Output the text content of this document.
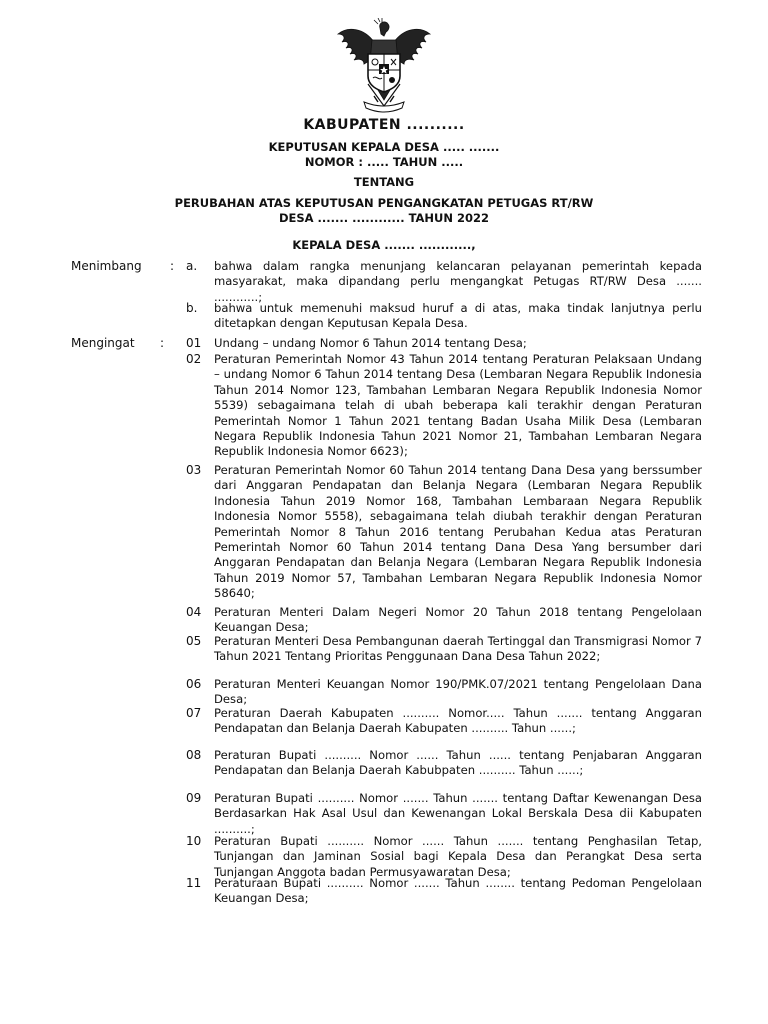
KABUPATEN ..........
KEPUTUSAN KEPALA DESA ..... .......
NOMOR : ..... TAHUN .....
TENTANG
PERUBAHAN ATAS KEPUTUSAN PENGANGKATAN PETUGAS RT/RW
DESA ....... ............ TAHUN 2022
KEPALA DESA ....... ............,
Menimbang : a.	bahwa dalam rangka menunjang kelancaran pelayanan pemerintah kepada masyarakat, maka dipandang perlu mengangkat Petugas RT/RW Desa ....... ............;
b.	bahwa untuk memenuhi maksud huruf a di atas, maka tindak lanjutnya perlu ditetapkan dengan Keputusan Kepala Desa.
Mengingat : 01	Undang – undang Nomor 6 Tahun 2014 tentang Desa;
02	Peraturan Pemerintah Nomor 43 Tahun 2014 tentang Peraturan Pelaksaan Undang – undang Nomor 6 Tahun 2014 tentang Desa (Lembaran Negara Republik Indonesia Tahun 2014 Nomor 123, Tambahan Lembaran Negara Republik Indonesia Nomor 5539) sebagaimana telah di ubah beberapa kali terakhir dengan Peraturan Pemerintah Nomor 1 Tahun 2021 tentang Badan Usaha Milik Desa (Lembaran Negara Republik Indonesia Tahun 2021 Nomor 21, Tambahan Lembaran Negara Republik Indonesia Nomor 6623);
03	Peraturan Pemerintah Nomor 60 Tahun 2014 tentang Dana Desa yang berssumber dari Anggaran Pendapatan dan Belanja Negara (Lembaran Negara Republik Indonesia Tahun 2019 Nomor 168, Tambahan Lembaraan Negara Republik Indonesia Nomor 5558), sebagaimana telah diubah terakhir dengan Peraturan Pemerintah Nomor 8 Tahun 2016 tentang Perubahan Kedua atas Peraturan Pemerintah Nomor 60 Tahun 2014 tentang Dana Desa Yang bersumber dari Anggaran Pendapatan dan Belanja Negara (Lembaran Negara Republik Indonesia Tahun 2019 Nomor 57, Tambahan Lembaran Negara Republik Indonesia Nomor 58640;
04	Peraturan Menteri Dalam Negeri Nomor 20 Tahun 2018 tentang Pengelolaan Keuangan Desa;
05	Peraturan Menteri Desa Pembangunan daerah Tertinggal dan Transmigrasi Nomor 7 Tahun 2021 Tentang Prioritas Penggunaan Dana Desa Tahun 2022;
06	Peraturan Menteri Keuangan Nomor 190/PMK.07/2021 tentang Pengelolaan Dana Desa;
07	Peraturan Daerah Kabupaten .......... Nomor..... Tahun ....... tentang Anggaran Pendapatan dan Belanja Daerah Kabupaten .......... Tahun ......;
08	Peraturan Bupati .......... Nomor ...... Tahun ...... tentang Penjabaran Anggaran Pendapatan dan Belanja Daerah Kabubpaten .......... Tahun ......;
09	Peraturan Bupati .......... Nomor ....... Tahun ....... tentang Daftar Kewenangan Desa Berdasarkan Hak Asal Usul dan Kewenangan Lokal Berskala Desa dii Kabupaten ..........;
10	Peraturan Bupati .......... Nomor ...... Tahun ....... tentang Penghasilan Tetap, Tunjangan dan Jaminan Sosial bagi Kepala Desa dan Perangkat Desa serta Tunjangan Anggota badan Permusyawaratan Desa;
11	Peraturaan Bupati .......... Nomor ....... Tahun ........ tentang Pedoman Pengelolaan Keuangan Desa;
